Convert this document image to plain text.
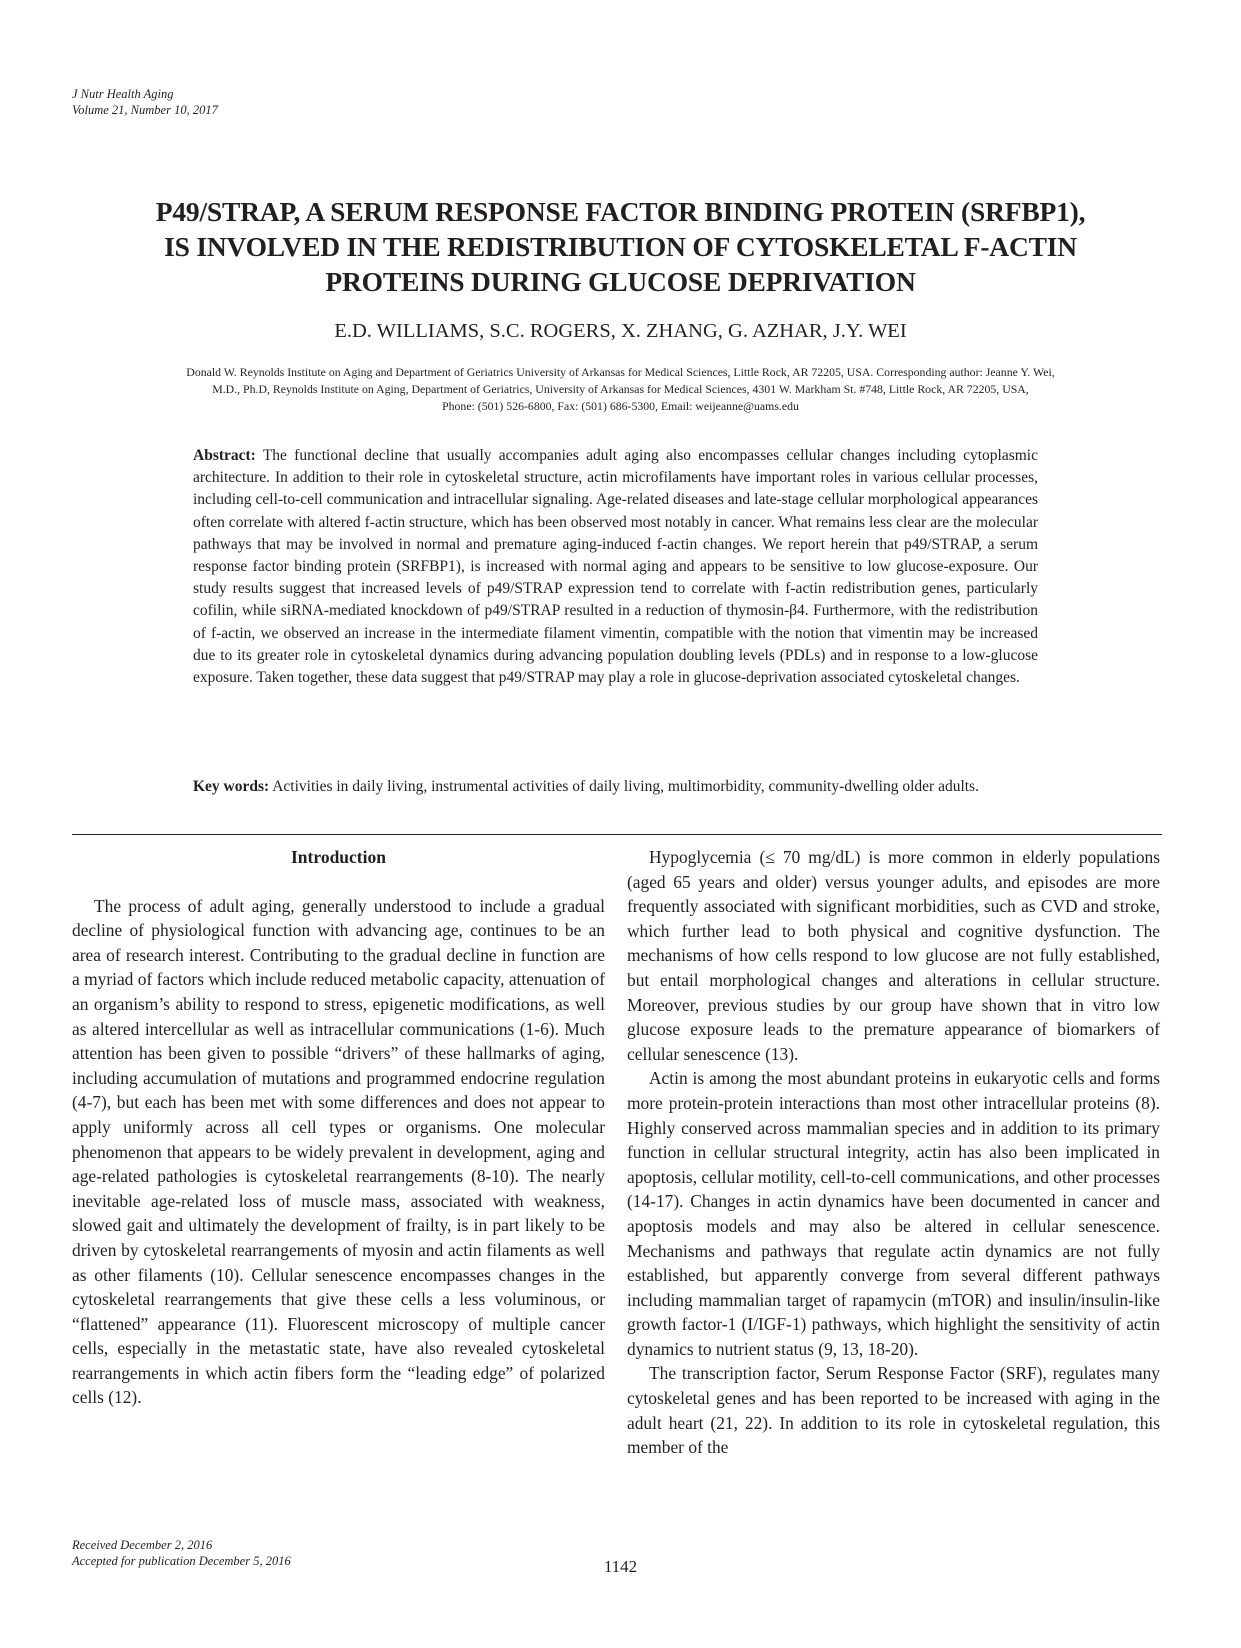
J Nutr Health Aging
Volume 21, Number 10, 2017
P49/STRAP, A SERUM RESPONSE FACTOR BINDING PROTEIN (SRFBP1),
IS INVOLVED IN THE REDISTRIBUTION OF CYTOSKELETAL F-ACTIN
PROTEINS DURING GLUCOSE DEPRIVATION
E.D. WILLIAMS, S.C. ROGERS, X. ZHANG, G. AZHAR, J.Y. WEI
Donald W. Reynolds Institute on Aging and Department of Geriatrics University of Arkansas for Medical Sciences, Little Rock, AR 72205, USA. Corresponding author: Jeanne Y. Wei,
M.D., Ph.D, Reynolds Institute on Aging, Department of Geriatrics, University of Arkansas for Medical Sciences, 4301 W. Markham St. #748, Little Rock, AR 72205, USA,
Phone: (501) 526-6800, Fax: (501) 686-5300, Email: weijeanne@uams.edu
Abstract: The functional decline that usually accompanies adult aging also encompasses cellular changes including cytoplasmic architecture. In addition to their role in cytoskeletal structure, actin microfilaments have important roles in various cellular processes, including cell-to-cell communication and intracellular signaling. Age-related diseases and late-stage cellular morphological appearances often correlate with altered f-actin structure, which has been observed most notably in cancer. What remains less clear are the molecular pathways that may be involved in normal and premature aging-induced f-actin changes. We report herein that p49/STRAP, a serum response factor binding protein (SRFBP1), is increased with normal aging and appears to be sensitive to low glucose-exposure. Our study results suggest that increased levels of p49/STRAP expression tend to correlate with f-actin redistribution genes, particularly cofilin, while siRNA-mediated knockdown of p49/STRAP resulted in a reduction of thymosin-β4. Furthermore, with the redistribution of f-actin, we observed an increase in the intermediate filament vimentin, compatible with the notion that vimentin may be increased due to its greater role in cytoskeletal dynamics during advancing population doubling levels (PDLs) and in response to a low-glucose exposure. Taken together, these data suggest that p49/STRAP may play a role in glucose-deprivation associated cytoskeletal changes.
Key words: Activities in daily living, instrumental activities of daily living, multimorbidity, community-dwelling older adults.
Introduction

The process of adult aging, generally understood to include a gradual decline of physiological function with advancing age, continues to be an area of research interest. Contributing to the gradual decline in function are a myriad of factors which include reduced metabolic capacity, attenuation of an organism’s ability to respond to stress, epigenetic modifications, as well as altered intercellular as well as intracellular communications (1-6). Much attention has been given to possible “drivers” of these hallmarks of aging, including accumulation of mutations and programmed endocrine regulation (4-7), but each has been met with some differences and does not appear to apply uniformly across all cell types or organisms. One molecular phenomenon that appears to be widely prevalent in development, aging and age-related pathologies is cytoskeletal rearrangements (8-10). The nearly inevitable age-related loss of muscle mass, associated with weakness, slowed gait and ultimately the development of frailty, is in part likely to be driven by cytoskeletal rearrangements of myosin and actin filaments as well as other filaments (10). Cellular senescence encompasses changes in the cytoskeletal rearrangements that give these cells a less voluminous, or “flattened” appearance (11). Fluorescent microscopy of multiple cancer cells, especially in the metastatic state, have also revealed cytoskeletal rearrangements in which actin fibers form the “leading edge” of polarized cells (12).

Hypoglycemia (≤ 70 mg/dL) is more common in elderly populations (aged 65 years and older) versus younger adults, and episodes are more frequently associated with significant morbidities, such as CVD and stroke, which further lead to both physical and cognitive dysfunction. The mechanisms of how cells respond to low glucose are not fully established, but entail morphological changes and alterations in cellular structure. Moreover, previous studies by our group have shown that in vitro low glucose exposure leads to the premature appearance of biomarkers of cellular senescence (13).

Actin is among the most abundant proteins in eukaryotic cells and forms more protein-protein interactions than most other intracellular proteins (8). Highly conserved across mammalian species and in addition to its primary function in cellular structural integrity, actin has also been implicated in apoptosis, cellular motility, cell-to-cell communications, and other processes (14-17). Changes in actin dynamics have been documented in cancer and apoptosis models and may also be altered in cellular senescence. Mechanisms and pathways that regulate actin dynamics are not fully established, but apparently converge from several different pathways including mammalian target of rapamycin (mTOR) and insulin/insulin-like growth factor-1 (I/IGF-1) pathways, which highlight the sensitivity of actin dynamics to nutrient status (9, 13, 18-20).

The transcription factor, Serum Response Factor (SRF), regulates many cytoskeletal genes and has been reported to be increased with aging in the adult heart (21, 22). In addition to its role in cytoskeletal regulation, this member of the

Received December 2, 2016
Accepted for publication December 5, 2016	1142
